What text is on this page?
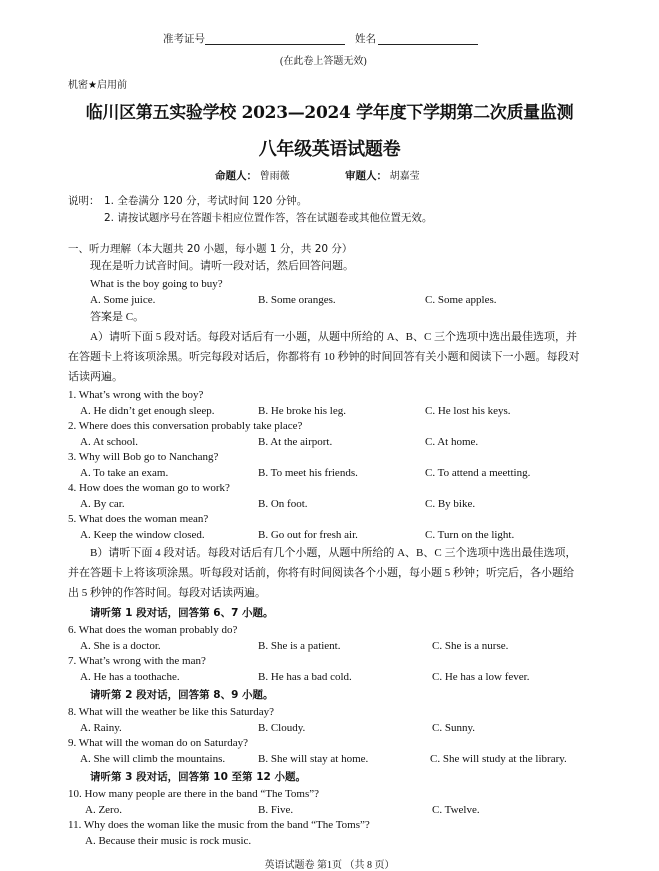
准考证号	姓名
(在此卷上答题无效)
机密★启用前
临川区第五实验学校 2023—2024 学年度下学期第二次质量监测
八年级英语试题卷
命题人： 曾雨薇	审题人： 胡嘉莹
说明： 1. 全卷满分 120 分，考试时间 120 分钟。
2. 请按试题序号在答题卡相应位置作答，答在试题卷或其他位置无效。
一、听力理解（本大题共 20 小题，每小题 1 分，共 20 分）
现在是听力试音时间。请听一段对话，然后回答问题。
What is the boy going to buy?
A. Some juice.	B. Some oranges.	C. Some apples.
答案是 C。
A）请听下面 5 段对话。每段对话后有一小题，从题中所给的 A、B、C 三个选项中选出最佳选项，并在答题卡上将该项涂黑。听完每段对话后，你都将有 10 秒钟的时间回答有关小题和阅读下一小题。每段对话读两遍。
1. What’s wrong with the boy?
A. He didn’t get enough sleep.	B. He broke his leg.	C. He lost his keys.
2. Where does this conversation probably take place?
A. At school.	B. At the airport.	C. At home.
3. Why will Bob go to Nanchang?
A. To take an exam.	B. To meet his friends.	C. To attend a meetting.
4. How does the woman go to work?
A. By car.	B. On foot.	C. By bike.
5. What does the woman mean?
A. Keep the window closed.	B. Go out for fresh air.	C. Turn on the light.
B）请听下面 4 段对话。每段对话后有几个小题，从题中所给的 A、B、C 三个选项中选出最佳选项，并在答题卡上将该项涂黑。听每段对话前，你将有时间阅读各个小题，每小题 5 秒钟；听完后，各小题给出 5 秒钟的作答时间。每段对话读两遍。
请听第 1 段对话，回答第 6、7 小题。
6. What does the woman probably do?
A. She is a doctor.	B. She is a patient.	C. She is a nurse.
7. What’s wrong with the man?
A. He has a toothache.	B. He has a bad cold.	C. He has a low fever.
请听第 2 段对话，回答第 8、9 小题。
8. What will the weather be like this Saturday?
A. Rainy.	B. Cloudy.	C. Sunny.
9. What will the woman do on Saturday?
A. She will climb the mountains.	B. She will stay at home.	C. She will study at the library.
请听第 3 段对话，回答第 10 至第 12 小题。
10. How many people are there in the band “The Toms”?
A. Zero.	B. Five.	C. Twelve.
11. Why does the woman like the music from the band “The Toms”?
A. Because their music is rock music.
英语试题卷 第1页 （共 8 页）
